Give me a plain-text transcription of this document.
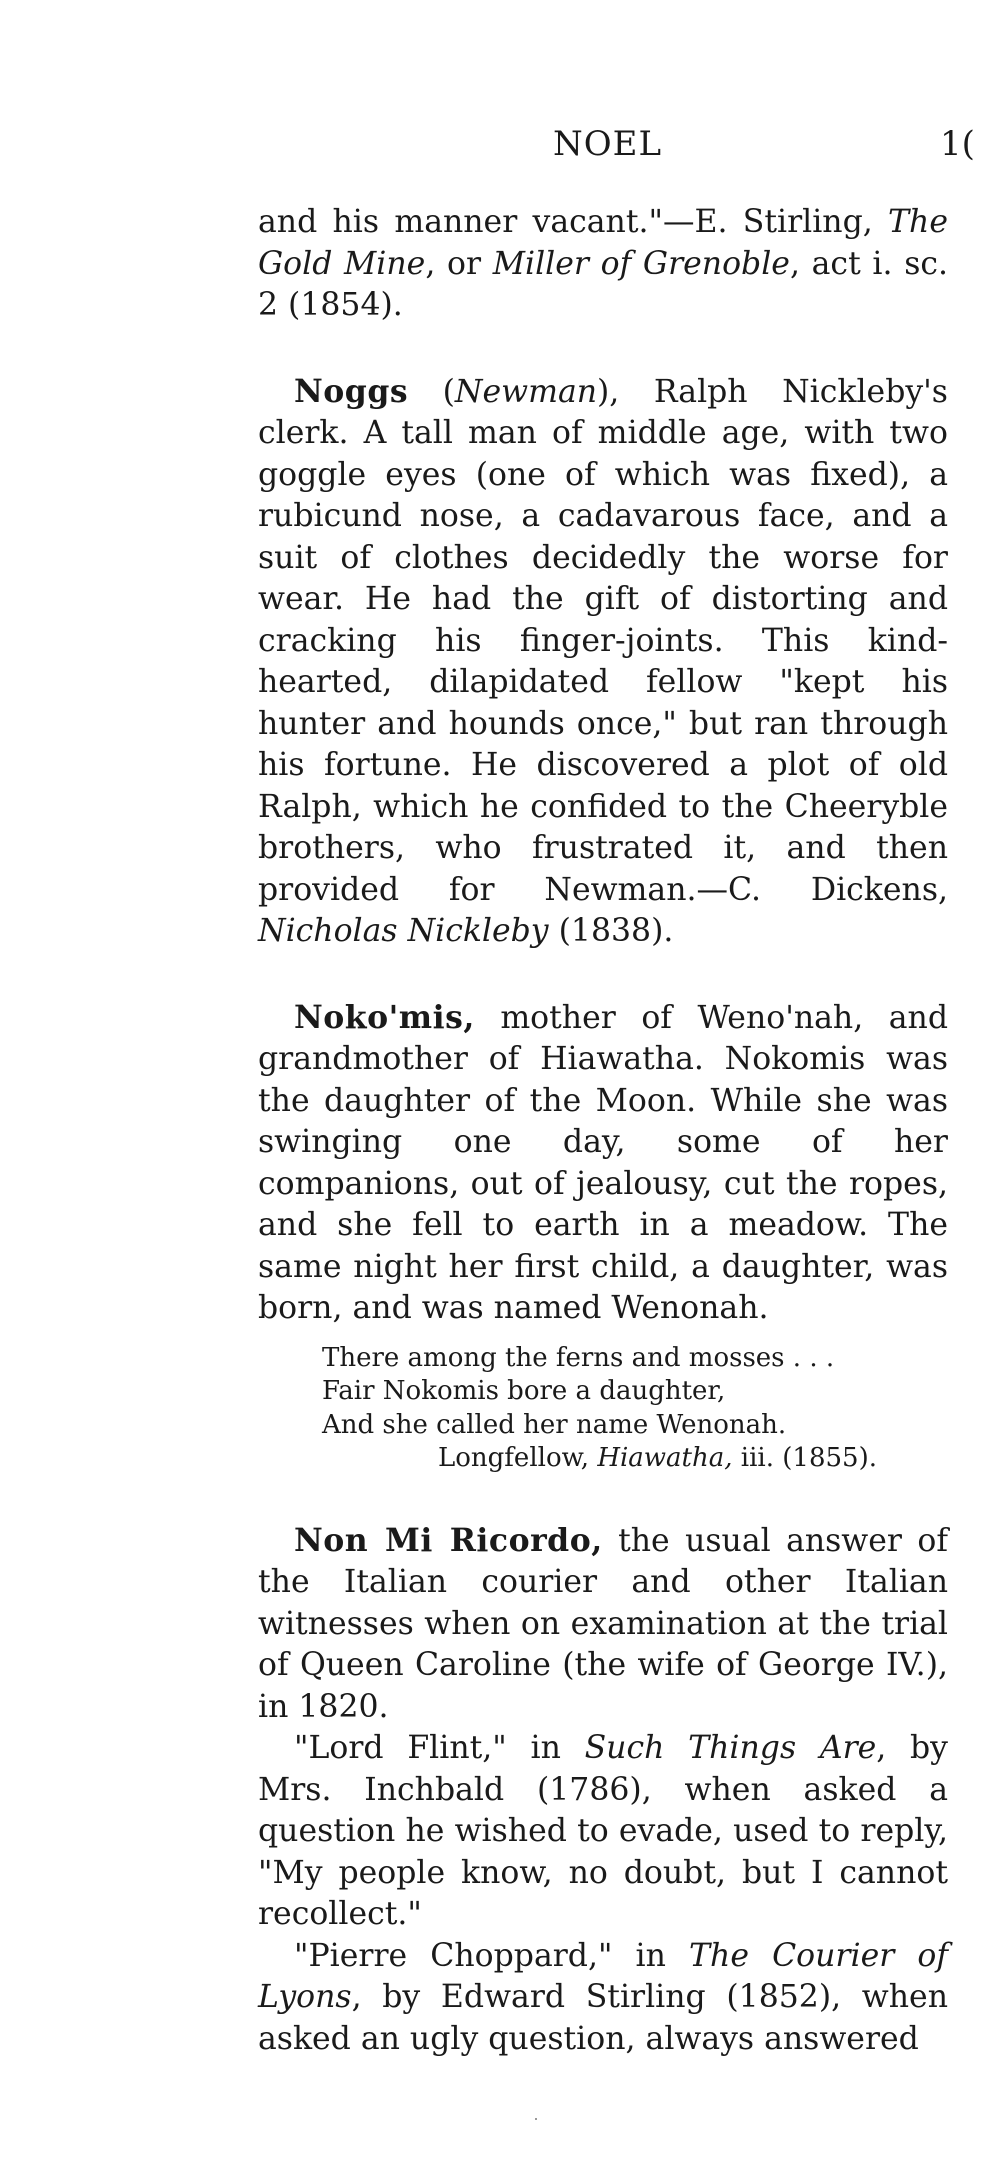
NOEL	1(

and his manner vacant."—E. Stirling, The Gold Mine, or Miller of Grenoble, act i. sc. 2 (1854).

Noggs (Newman), Ralph Nickleby's clerk. A tall man of middle age, with two goggle eyes (one of which was fixed), a rubicund nose, a cadavarous face, and a suit of clothes decidedly the worse for wear. He had the gift of distorting and cracking his finger-joints. This kind-hearted, dilapidated fellow "kept his hunter and hounds once," but ran through his fortune. He discovered a plot of old Ralph, which he confided to the Cheeryble brothers, who frustrated it, and then provided for Newman.—C. Dickens, Nicholas Nickleby (1838).

Noko'mis, mother of Weno'nah, and grandmother of Hiawatha. Nokomis was the daughter of the Moon. While she was swinging one day, some of her companions, out of jealousy, cut the ropes, and she fell to earth in a meadow. The same night her first child, a daughter, was born, and was named Wenonah.

There among the ferns and mosses . . .
Fair Nokomis bore a daughter,
And she called her name Wenonah.
Longfellow, Hiawatha, iii. (1855).

Non Mi Ricordo, the usual answer of the Italian courier and other Italian witnesses when on examination at the trial of Queen Caroline (the wife of George IV.), in 1820.

"Lord Flint," in Such Things Are, by Mrs. Inchbald (1786), when asked a question he wished to evade, used to reply, "My people know, no doubt, but I cannot recollect."

"Pierre Choppard," in The Courier of Lyons, by Edward Stirling (1852), when asked an ugly question, always answered
